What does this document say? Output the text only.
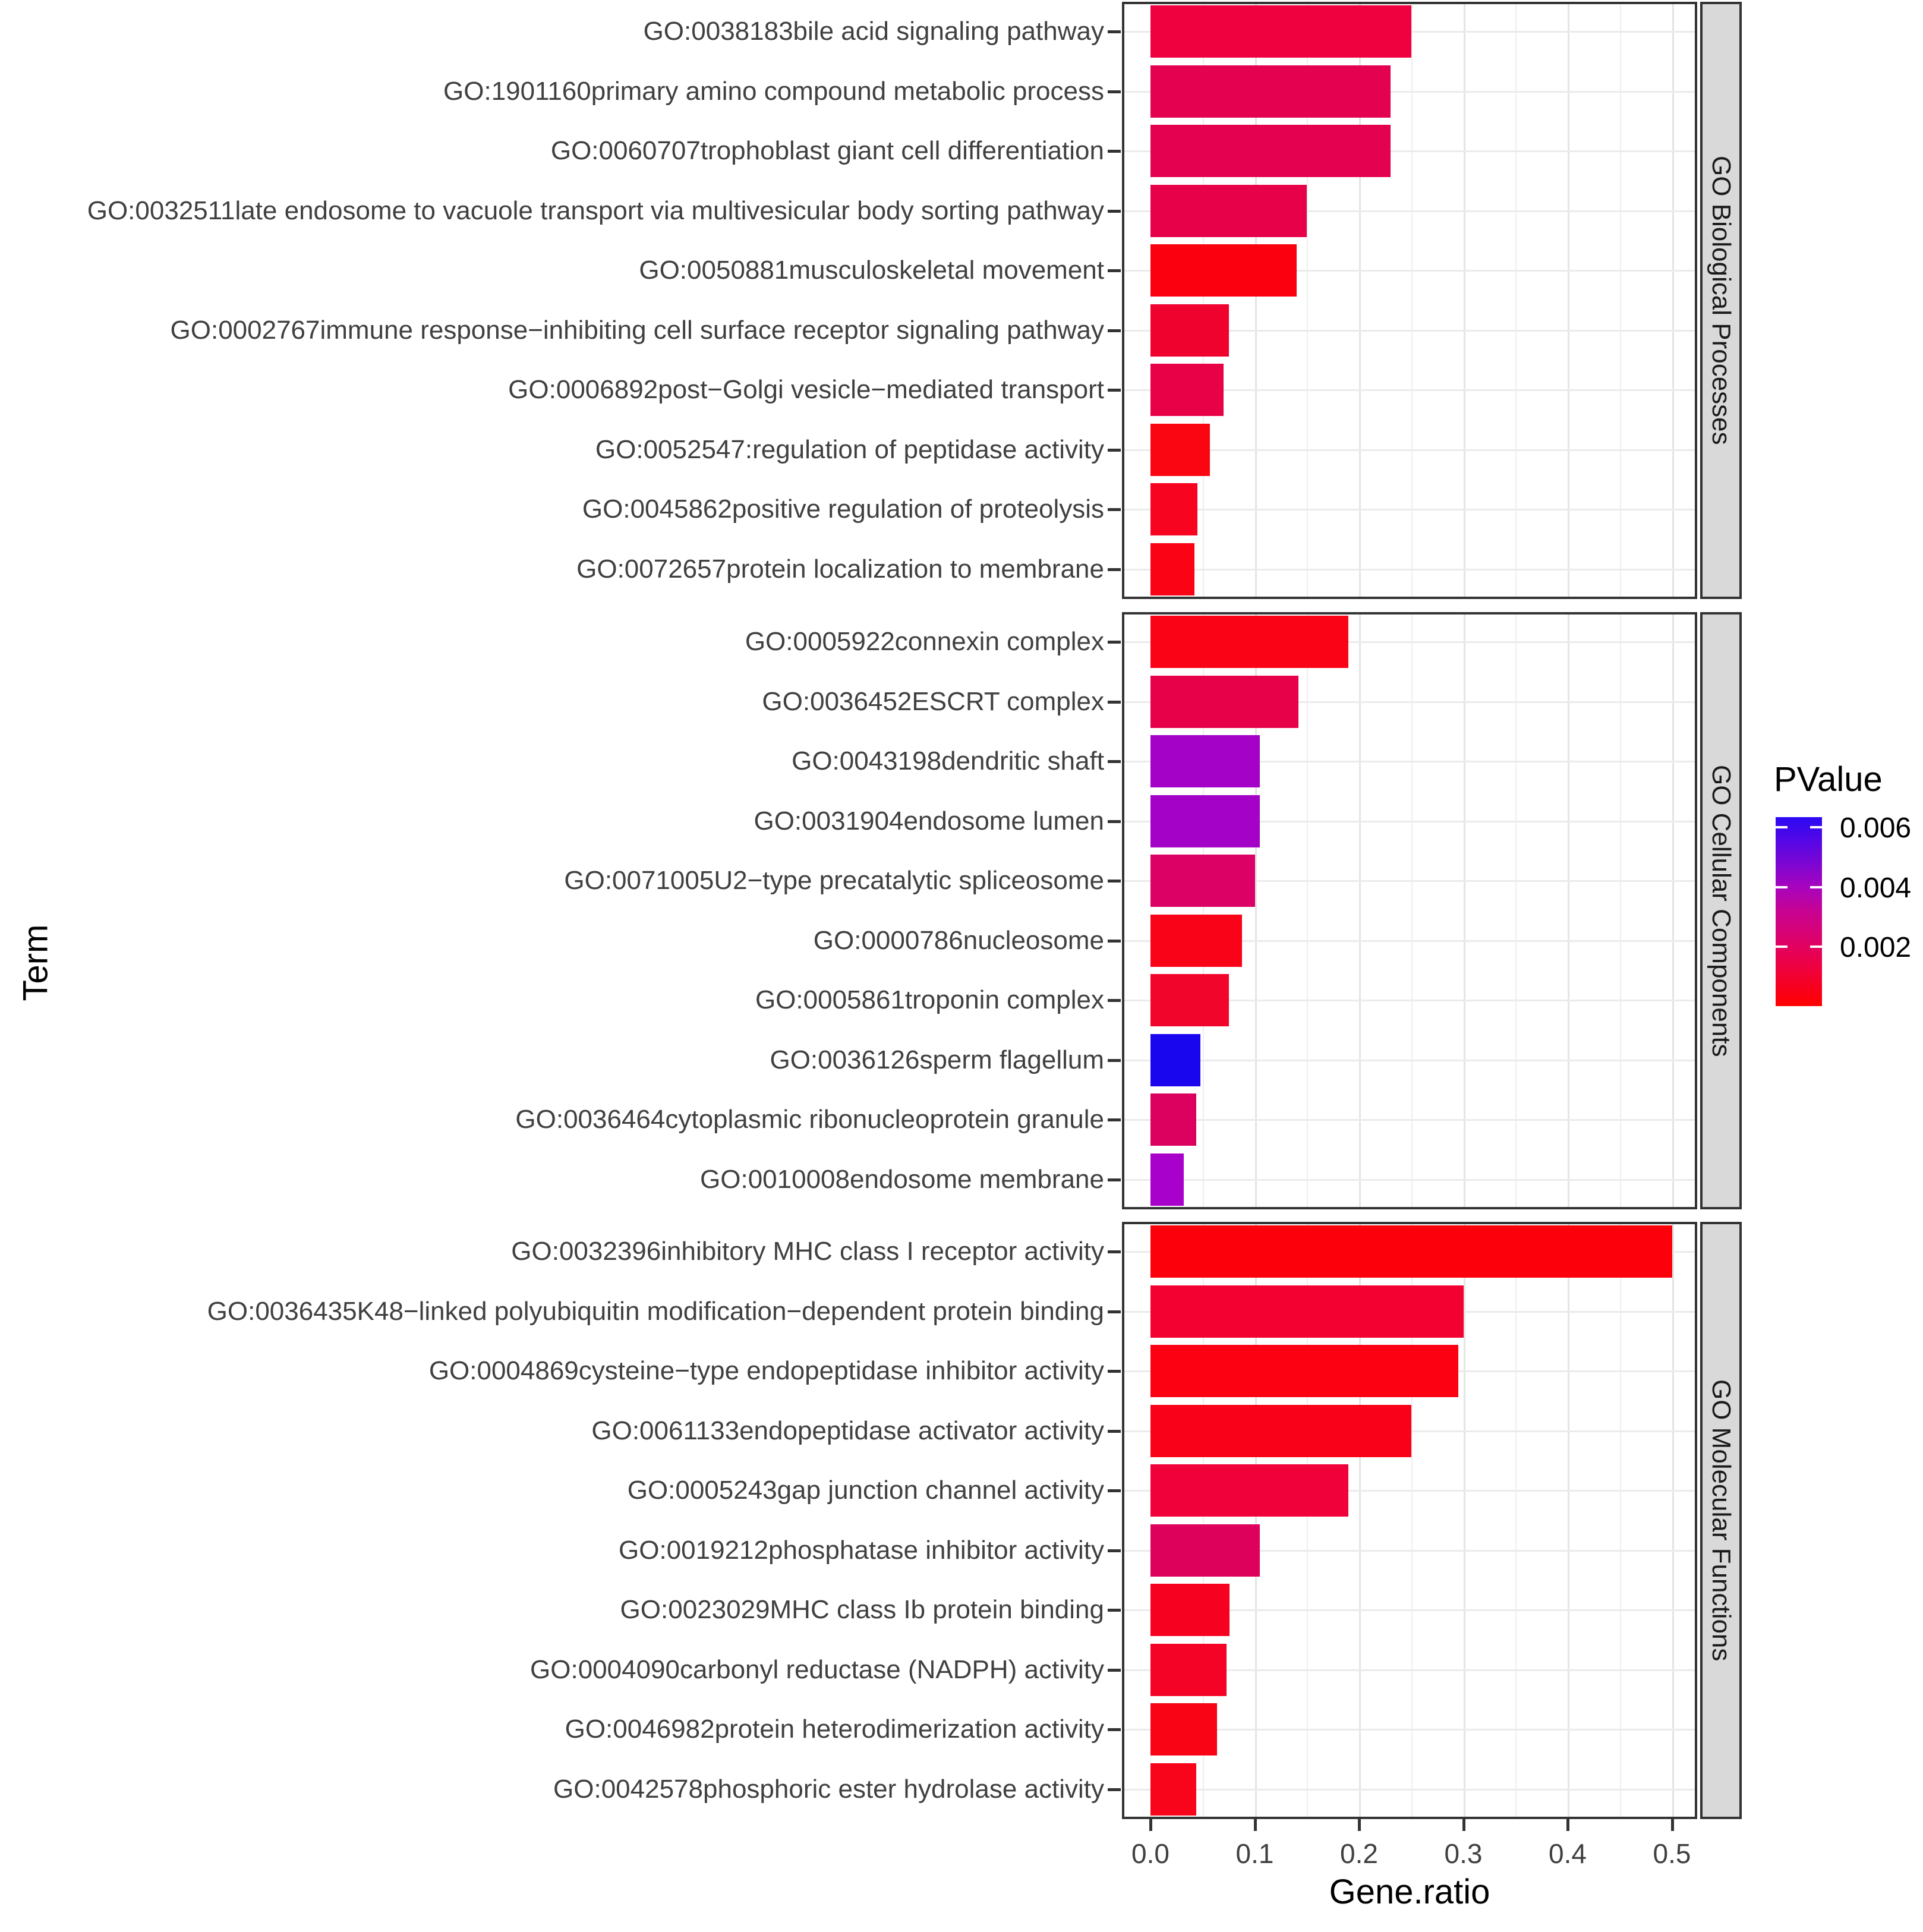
Term
Gene.ratio
PValue
0.006
0.004
0.002
GO:0038183bile acid signaling pathway
GO:1901160primary amino compound metabolic process
GO:0060707trophoblast giant cell differentiation
GO:0032511late endosome to vacuole transport via multivesicular body sorting pathway
GO:0050881musculoskeletal movement
GO:0002767immune response−inhibiting cell surface receptor signaling pathway
GO:0006892post−Golgi vesicle−mediated transport
GO:0052547:regulation of peptidase activity
GO:0045862positive regulation of proteolysis
GO:0072657protein localization to membrane
GO Biological Processes
GO:0005922connexin complex
GO:0036452ESCRT complex
GO:0043198dendritic shaft
GO:0031904endosome lumen
GO:0071005U2−type precatalytic spliceosome
GO:0000786nucleosome
GO:0005861troponin complex
GO:0036126sperm flagellum
GO:0036464cytoplasmic ribonucleoprotein granule
GO:0010008endosome membrane
GO Cellular Components
GO:0032396inhibitory MHC class I receptor activity
GO:0036435K48−linked polyubiquitin modification−dependent protein binding
GO:0004869cysteine−type endopeptidase inhibitor activity
GO:0061133endopeptidase activator activity
GO:0005243gap junction channel activity
GO:0019212phosphatase inhibitor activity
GO:0023029MHC class Ib protein binding
GO:0004090carbonyl reductase (NADPH) activity
GO:0046982protein heterodimerization activity
GO:0042578phosphoric ester hydrolase activity
GO Molecular Functions
0.0 0.1 0.2 0.3 0.4 0.5
